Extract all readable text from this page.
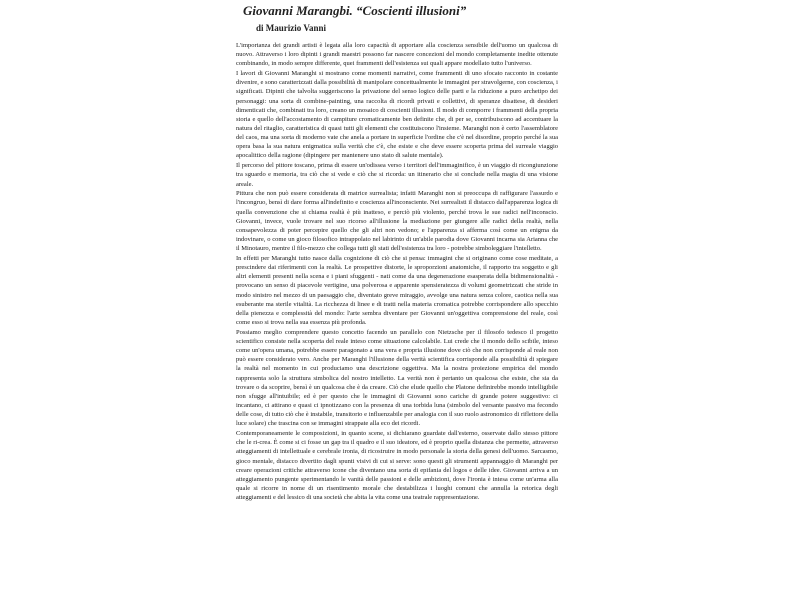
Giovanni Marangbi. “Coscienti illusioni”

di Maurizio Vanni

L'importanza dei grandi artisti è legata alla loro capacità di apportare alla coscienza sensibile dell'uomo un qualcosa di nuovo. Attraverso i loro dipinti i grandi maestri possono far nascere concezioni del mondo completamente inedite ottenute combinando, in modo sempre differente, quei frammenti dell'esistenza sui quali appare modellato tutto l'universo.

I lavori di Giovanni Maranghi si mostrano come momenti narrativi, come frammenti di uno sfocato racconto in costante divenire, e sono caratterizzati dalla possibilità di manipolare concettualmente le immagini per stravolgerne, con coscienza, i significati. Dipinti che talvolta suggeriscono la privazione del senso logico delle parti e la riduzione a puro archetipo dei personaggi: una sorta di combine-painting, una raccolta di ricordi privati e collettivi, di speranze disattese, di desideri dimenticati che, combinati tra loro, creano un mosaico di coscienti illusioni. Il modo di comporre i frammenti della propria storia e quello dell'accostamento di campiture cromaticamente ben definite che, di per se, contribuiscono ad accentuare la natura del ritaglio, caratteristica di quasi tutti gli elementi che costituiscono l'insieme. Maranghi non è certo l'assemblatore del caos, ma una sorta di moderno vate che anela a portare in superficie l'ordine che c'è nel disordine, proprio perché la sua opera basa la sua natura enigmatica sulla verità che c'è, che esiste e che deve essere scoperta prima del surreale viaggio apocalittico della ragione (dipingere per mantenere uno stato di salute mentale).

Il percorso del pittore toscano, prima di essere un'odissea verso i territori dell'immaginifico, è un viaggio di ricongiunzione tra sguardo e memoria, tra ciò che si vede e ciò che si ricorda: un itinerario che si conclude nella magia di una visione areale.

Pittura che non può essere considerata di matrice surrealista; infatti Maranghi non si preoccupa di raffigurare l'assurdo e l'incongruo, bensì di dare forma all'indefinito e coscienza all'inconsciente. Nei surrealisti il distacco dall'apparenza logica di quella convenzione che si chiama realtà è più inatteso, e perciò più violento, perché trova le sue radici nell'inconscio. Giovanni, invece, vuole trovare nel suo ricorso all'illusione la mediazione per giungere alle radici della realtà, nella consapevolezza di poter percepire quello che gli altri non vedono; e l'apparenza si afferma così come un enigma da indovinare, o come un gioco filosofico intrappolato nel labirinto di un'abile parodia dove Giovanni incarna sia Arianna che il Minotauro, mentre il filo-mezzo che collega tutti gli stati dell'esistenza tra loro - potrebbe simboleggiare l'intelletto.

In effetti per Maranghi tutto nasce dalla cognizione di ciò che si pensa: immagini che si originano come cose meditate, a prescindere dai riferimenti con la realtà. Le prospettive distorte, le sproporzioni anatomiche, il rapporto tra soggetto e gli altri elementi presenti nella scena e i piani sfuggenti - nati come da una degenerazione esasperata della bidimensionalità - provocano un senso di piacevole vertigine, una polverosa e apparente spensieratezza di volumi geometrizzati che stride in modo sinistro nel mezzo di un paesaggio che, diventato greve miraggio, avvolge una natura senza colore, caotica nella sua esuberante ma sterile vitalità. La ricchezza di linee e di tratti nella materia cromatica potrebbe corrispondere allo specchio della pienezza e complessità del mondo: l'arte sembra diventare per Giovanni un'oggettiva comprensione del reale, così come esso si trova nella sua essenza più profonda.

Possiamo meglio comprendere questo concetto facendo un parallelo con Nietzsche per il filosofo tedesco il progetto scientifico consiste nella scoperta del reale inteso come situazione calcolabile. Lui crede che il mondo dello scibile, inteso come un'opera umana, potrebbe essere paragonato a una vera e propria illusione dove ciò che non corrisponde al reale non può essere considerato vero. Anche per Maranghi l'illusione della verità scientifica corrisponde alla possibilità di spiegare la realtà nel momento in cui produciamo una descrizione oggettiva. Ma la nostra proiezione empirica del mondo rappresenta solo la struttura simbolica del nostro intelletto. La verità non è pertanto un qualcosa che esiste, che sia da trovare o da scoprire, bensì è un qualcosa che è da creare. Ciò che elude quello che Platone definirebbe mondo intelligibile non sfugge all'intuibile; ed è per questo che le immagini di Giovanni sono cariche di grande potere suggestivo: ci incantano, ci attirano e quasi ci ipnotizzano con la presenza di una torbida luna (simbolo del versante passivo ma fecondo delle cose, di tutto ciò che è instabile, transitorio e influenzabile per analogia con il suo ruolo astronomico di riflettore della luce solare) che trascina con se immagini strappate alla eco dei ricordi.

Contemporaneamente le composizioni, in quanto scene, si dichiarano guardate dall'esterno, osservate dallo stesso pittore che le ri-crea. È come si ci fosse un gap tra il quadro e il suo ideatore, ed è proprio quella distanza che permette, attraverso atteggiamenti di intellettuale e cerebrale ironia, di ricostruire in modo personale la storia della genesi dell'uomo. Sarcasmo, gioco mentale, distacco divertito dagli spunti visivi di cui si serve: sono questi gli strumenti appannaggio di Maranghi per creare operazioni critiche attraverso icone che diventano una sorta di epifania del logos e delle idee. Giovanni arriva a un atteggiamento pungente sperimentando le vanità delle passioni e delle ambizioni, dove l'ironia è intesa come un'arma alla quale si ricorre in nome di un risentimento morale che destabilizza i luoghi comuni che annulla la retorica degli atteggiamenti e del lessico di una società che abita la vita come una teatrale rappresentazione.
